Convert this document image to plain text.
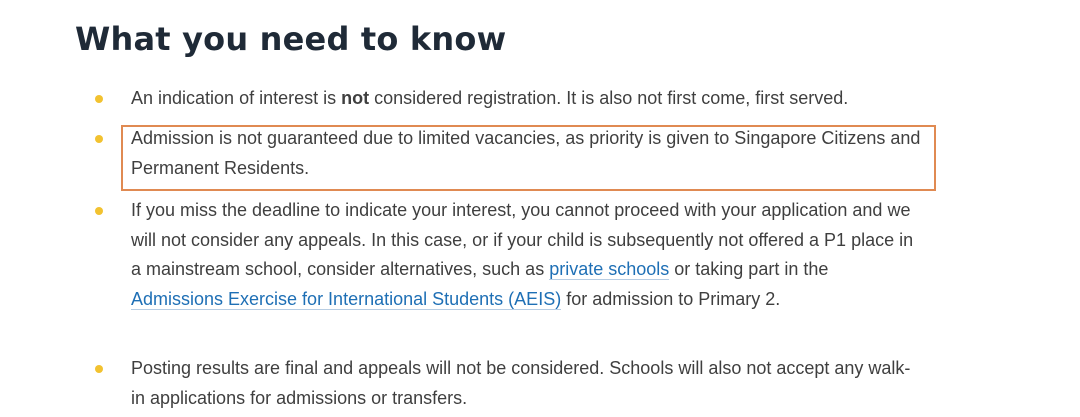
What you need to know
An indication of interest is not considered registration. It is also not first come, first served.
Admission is not guaranteed due to limited vacancies, as priority is given to Singapore Citizens and Permanent Residents.
If you miss the deadline to indicate your interest, you cannot proceed with your application and we will not consider any appeals. In this case, or if your child is subsequently not offered a P1 place in a mainstream school, consider alternatives, such as private schools or taking part in the Admissions Exercise for International Students (AEIS) for admission to Primary 2.
Posting results are final and appeals will not be considered. Schools will also not accept any walk-in applications for admissions or transfers.
